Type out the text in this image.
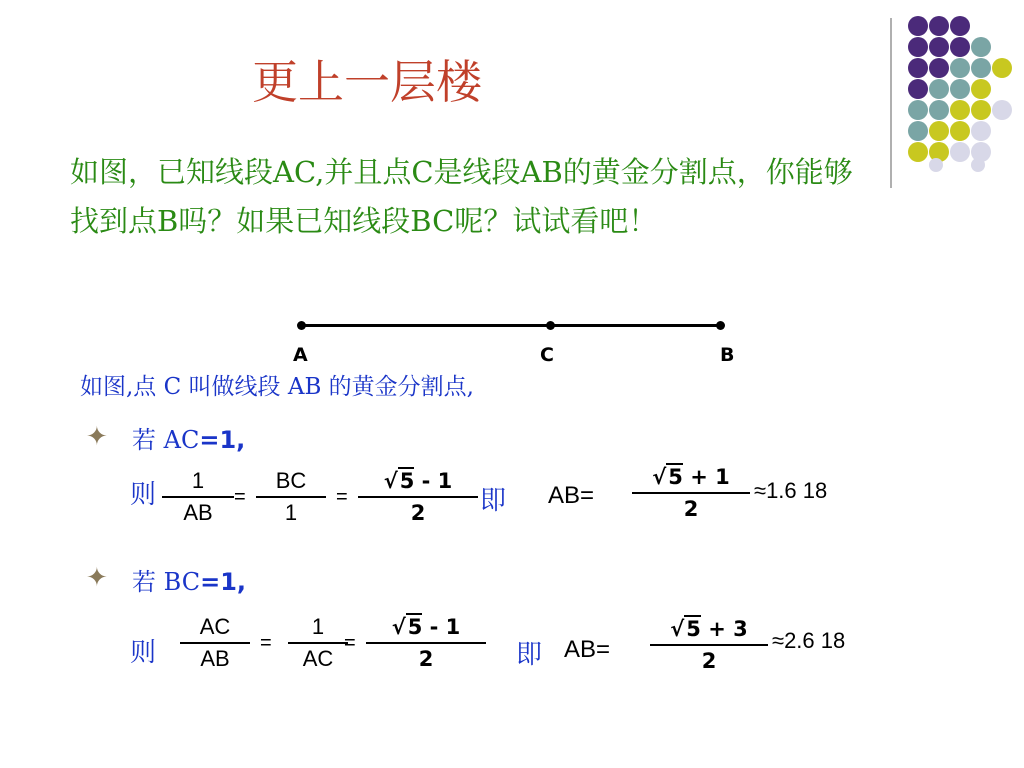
更上一层楼
如图，已知线段AC,并且点C是线段AB的黄金分割点，你能够找到点B吗？如果已知线段BC呢？试试看吧！
A	C	B
如图,点 C 叫做线段 AB 的黄金分割点,
✦ 若 AC=1,
则	1
AB
=
BC
1
=
√5 - 1
2	即 AB=
√5 + 1
2
≈1.6 18
✦ 若 BC=1,
则
AC
AB
=
1
AC
=
√5 - 1
2	即 AB=
√5 + 3
2
≈2.6 18
